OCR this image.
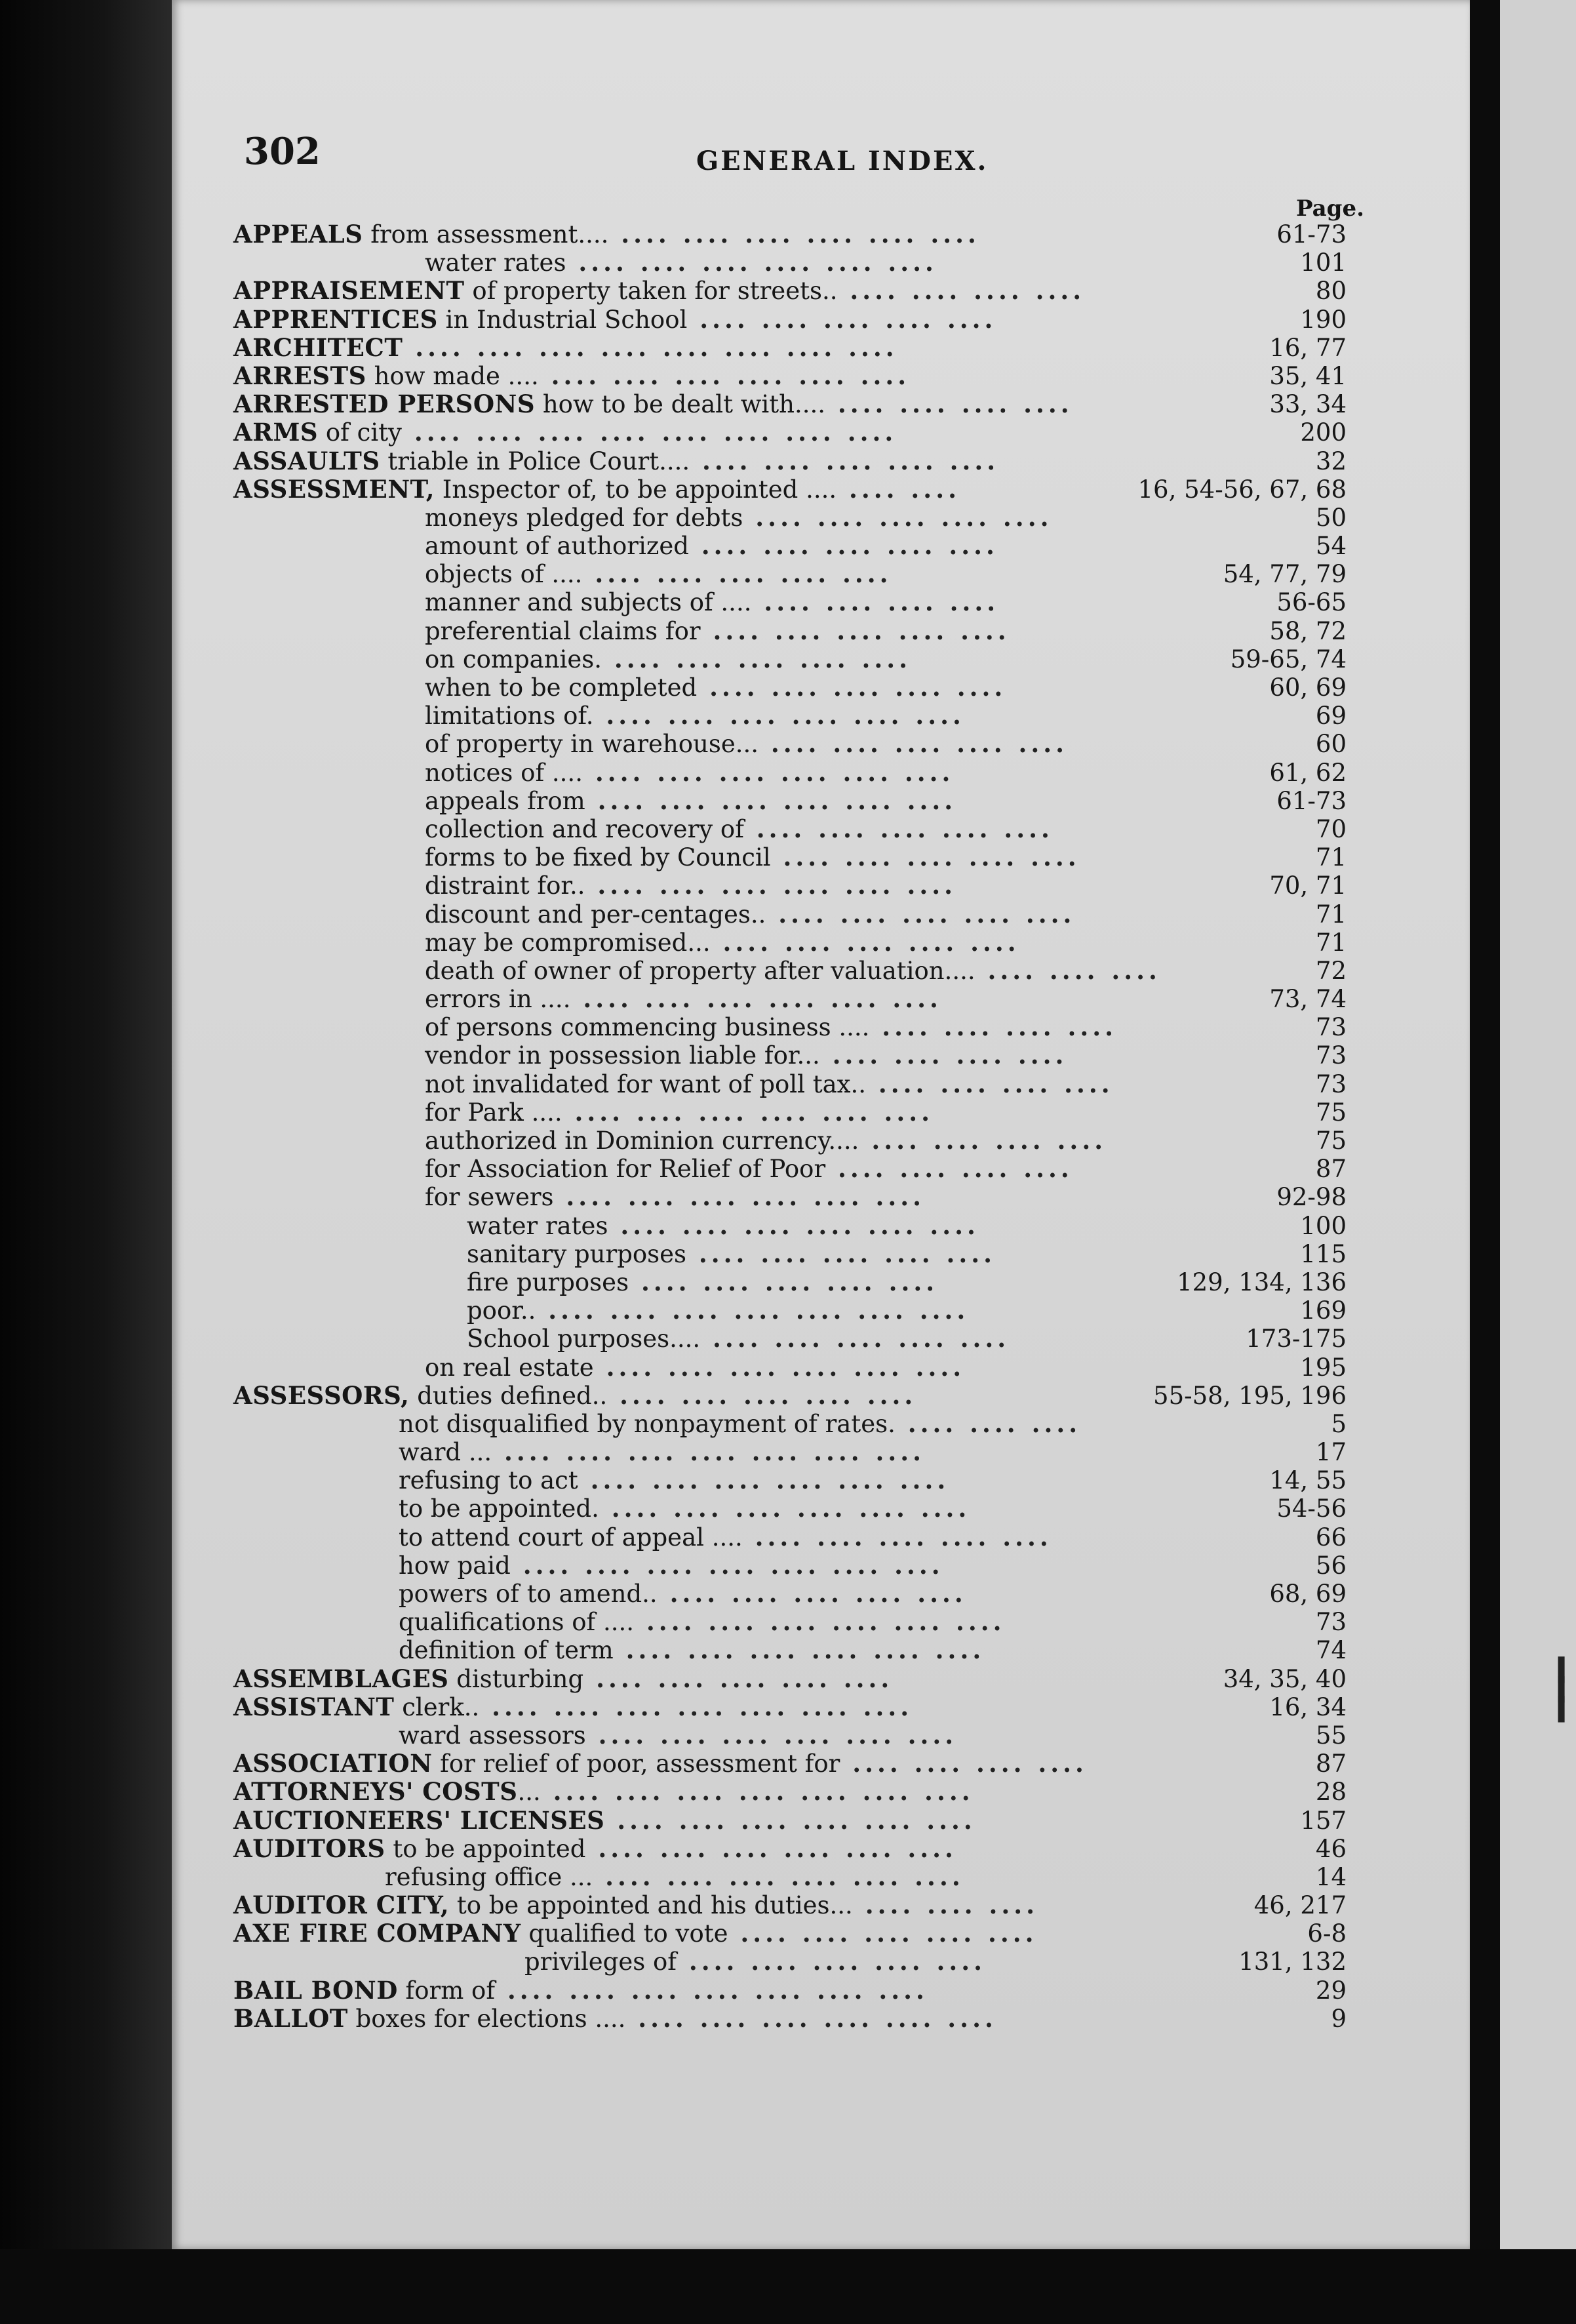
302	GENERAL INDEX.
Page.
APPEALS from assessment.... .... .... .... .... .... ....	61-73
water rates .... .... .... .... .... ....	101
APPRAISEMENT of property taken for streets.. .... .... .... ....	80
APPRENTICES in Industrial School .... .... .... .... ....	190
ARCHITECT .... .... .... .... .... .... .... ....	16, 77
ARRESTS how made .... .... .... .... .... .... ....	35, 41
ARRESTED PERSONS how to be dealt with.... .... .... .... ....	33, 34
ARMS of city .... .... .... .... .... .... .... ....	200
ASSAULTS triable in Police Court.... .... .... .... .... ....	32
ASSESSMENT, Inspector of, to be appointed .... .... ....	16, 54-56, 67, 68
moneys pledged for debts .... .... .... .... ....	50
amount of authorized .... .... .... .... ....	54
objects of .... .... .... .... .... ....	54, 77, 79
manner and subjects of .... .... .... .... ....	56-65
preferential claims for .... .... .... .... ....	58, 72
on companies. .... .... .... .... ....	59-65, 74
when to be completed .... .... .... .... ....	60, 69
limitations of. .... .... .... .... .... ....	69
of property in warehouse... .... .... .... .... ....	60
notices of .... .... .... .... .... .... ....	61, 62
appeals from .... .... .... .... .... ....	61-73
collection and recovery of .... .... .... .... ....	70
forms to be fixed by Council .... .... .... .... ....	71
distraint for.. .... .... .... .... .... ....	70, 71
discount and per-centages.. .... .... .... .... ....	71
may be compromised... .... .... .... .... ....	71
death of owner of property after valuation.... .... .... ....	72
errors in .... .... .... .... .... .... ....	73, 74
of persons commencing business .... .... .... .... ....	73
vendor in possession liable for... .... .... .... ....	73
not invalidated for want of poll tax.. .... .... .... ....	73
for Park .... .... .... .... .... .... ....	75
authorized in Dominion currency.... .... .... .... ....	75
for Association for Relief of Poor .... .... .... ....	87
for sewers .... .... .... .... .... ....	92-98
water rates .... .... .... .... .... ....	100
sanitary purposes .... .... .... .... ....	115
fire purposes .... .... .... .... ....	129, 134, 136
poor.. .... .... .... .... .... .... ....	169
School purposes.... .... .... .... .... ....	173-175
on real estate .... .... .... .... .... ....	195
ASSESSORS, duties defined.. .... .... .... .... ....	55-58, 195, 196
not disqualified by nonpayment of rates. .... .... ....	5
ward ... .... .... .... .... .... .... ....	17
refusing to act .... .... .... .... .... ....	14, 55
to be appointed. .... .... .... .... .... ....	54-56
to attend court of appeal .... .... .... .... .... ....	66
how paid .... .... .... .... .... .... ....	56
powers of to amend.. .... .... .... .... ....	68, 69
qualifications of .... .... .... .... .... .... ....	73
definition of term .... .... .... .... .... ....	74
ASSEMBLAGES disturbing .... .... .... .... ....	34, 35, 40
ASSISTANT clerk.. .... .... .... .... .... .... ....	16, 34
ward assessors .... .... .... .... .... ....	55
ASSOCIATION for relief of poor, assessment for .... .... .... ....	87
ATTORNEYS' COSTS... .... .... .... .... .... .... ....	28
AUCTIONEERS' LICENSES .... .... .... .... .... ....	157
AUDITORS to be appointed .... .... .... .... .... ....	46
refusing office ... .... .... .... .... .... ....	14
AUDITOR CITY, to be appointed and his duties... .... .... ....	46, 217
AXE FIRE COMPANY qualified to vote .... .... .... .... ....	6-8
privileges of .... .... .... .... ....	131, 132
BAIL BOND form of .... .... .... .... .... .... ....	29
BALLOT boxes for elections .... .... .... .... .... .... ....	9
▍
▍
▍
